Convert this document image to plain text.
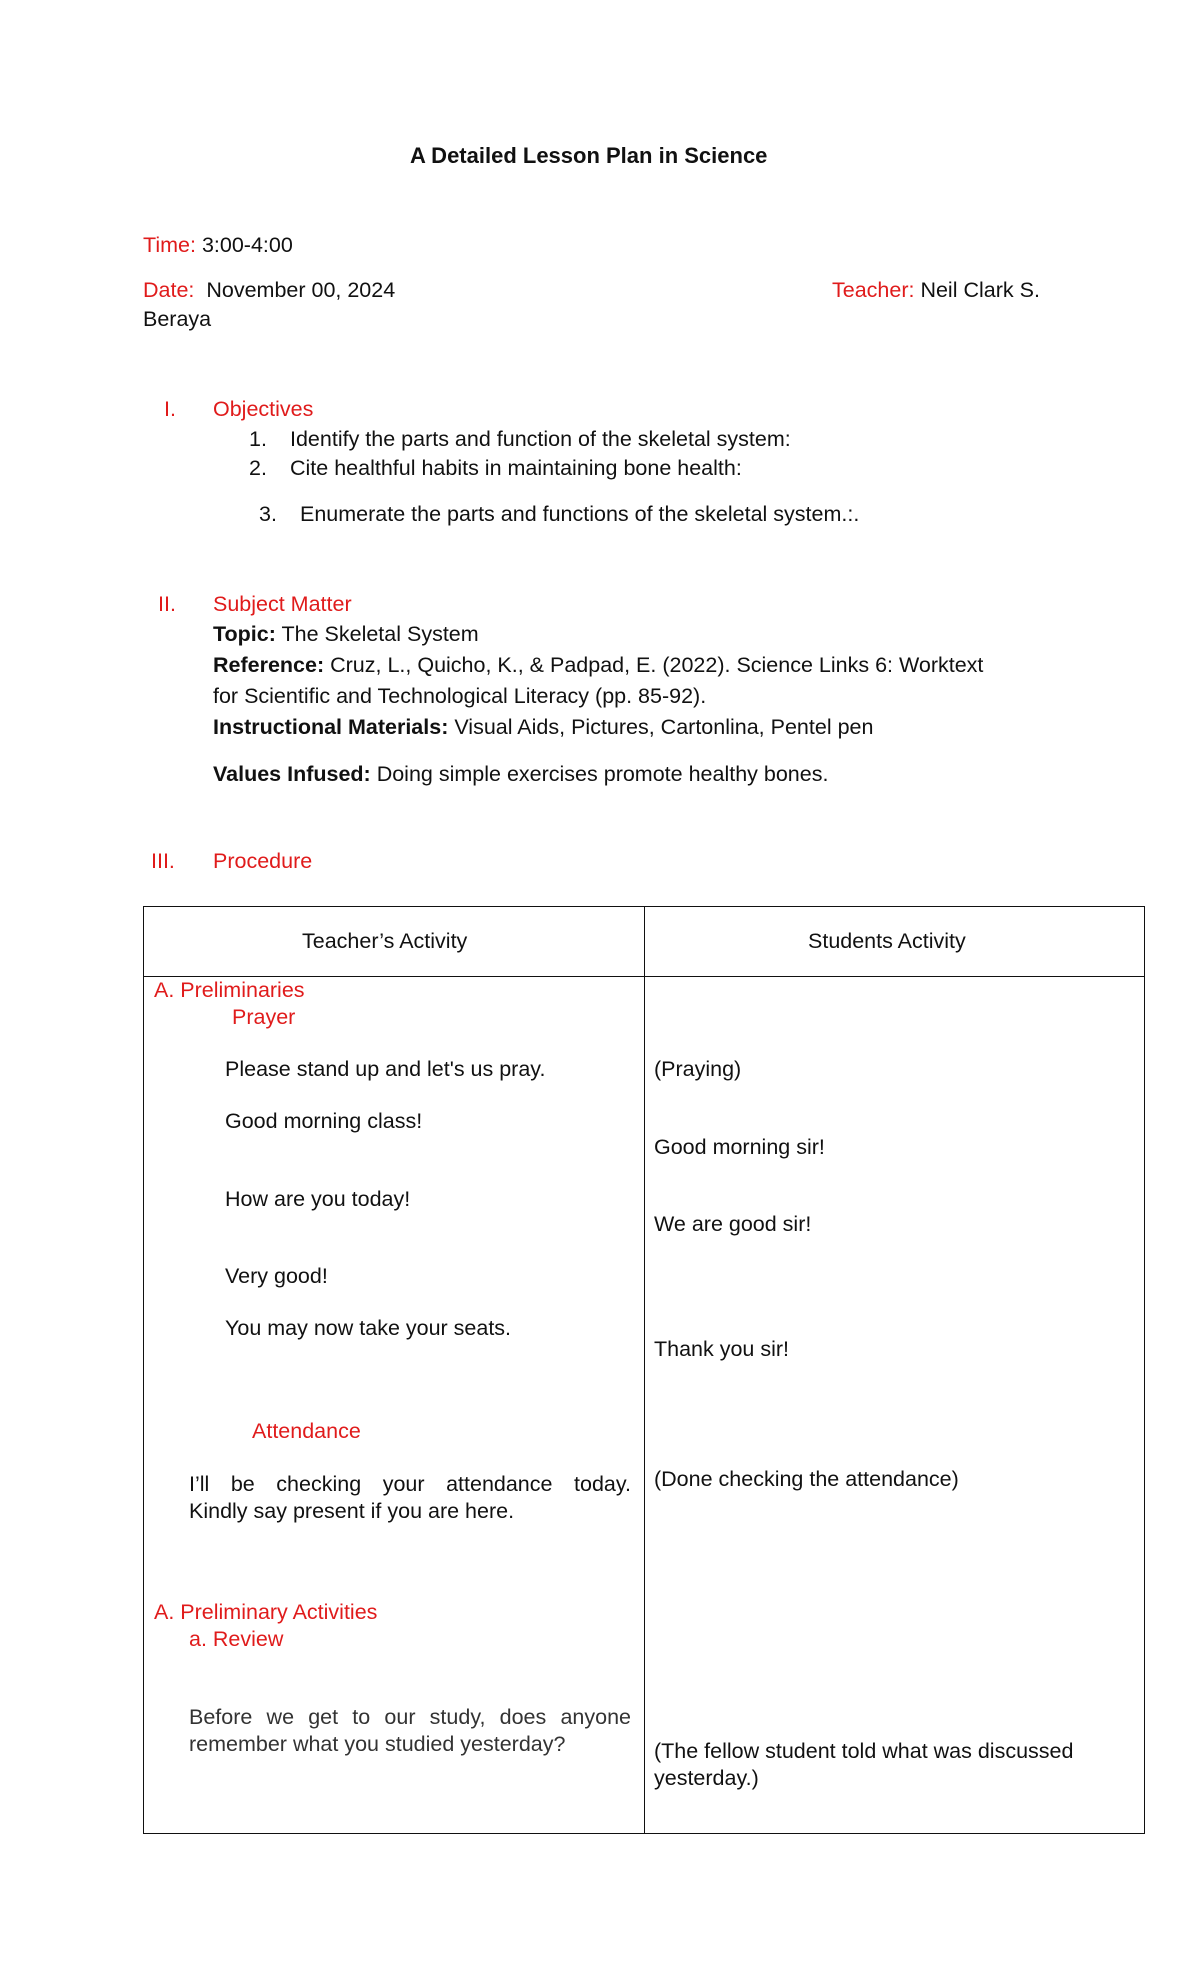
A Detailed Lesson Plan in Science
Time: 3:00-4:00
Date: November 00, 2024	Teacher: Neil Clark S.
Beraya
I. Objectives
1. Identify the parts and function of the skeletal system:
2. Cite healthful habits in maintaining bone health:
3. Enumerate the parts and functions of the skeletal system.:.
II. Subject Matter
Topic: The Skeletal System
Reference: Cruz, L., Quicho, K., & Padpad, E. (2022). Science Links 6: Worktext
for Scientific and Technological Literacy (pp. 85-92).
Instructional Materials: Visual Aids, Pictures, Cartonlina, Pentel pen
Values Infused: Doing simple exercises promote healthy bones.
III. Procedure
Teacher’s Activity	Students Activity
A. Preliminaries
Prayer
Please stand up and let's us pray.
Good morning class!
How are you today!
Very good!
You may now take your seats.
Attendance
I’ll be checking your attendance today.
Kindly say present if you are here.
A. Preliminary Activities
a. Review
Before we get to our study, does anyone
remember what you studied yesterday?
(Praying)
Good morning sir!
We are good sir!
Thank you sir!
(Done checking the attendance)
(The fellow student told what was discussed
yesterday.)
